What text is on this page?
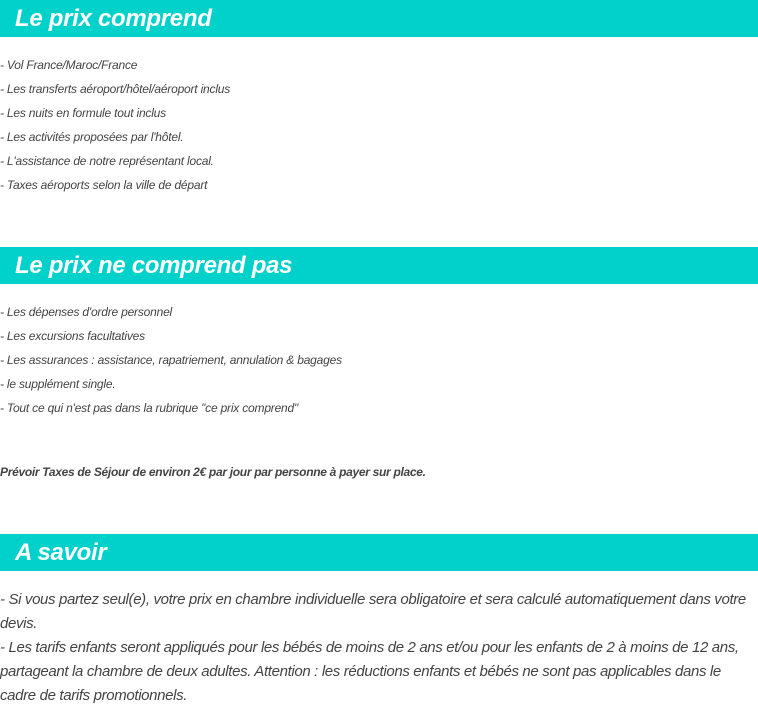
Le prix comprend
- Vol France/Maroc/France
- Les transferts aéroport/hôtel/aéroport inclus
- Les nuits en formule tout inclus
- Les activités proposées par l'hôtel.
- L'assistance de notre représentant local.
- Taxes aéroports selon la ville de départ
Le prix ne comprend pas
- Les dépenses d'ordre personnel
- Les excursions facultatives
- Les assurances : assistance, rapatriement, annulation & bagages
- le supplément single.
- Tout ce qui n'est pas dans la rubrique "ce prix comprend"

Prévoir Taxes de Séjour de environ 2€ par jour par personne à payer sur place.

A savoir

- Si vous partez seul(e), votre prix en chambre individuelle sera obligatoire et sera calculé automatiquement dans votre devis.

- Les tarifs enfants seront appliqués pour les bébés de moins de 2 ans et/ou pour les enfants de 2 à moins de 12 ans, partageant la chambre de deux adultes. Attention : les réductions enfants et bébés ne sont pas applicables dans le cadre de tarifs promotionnels.
